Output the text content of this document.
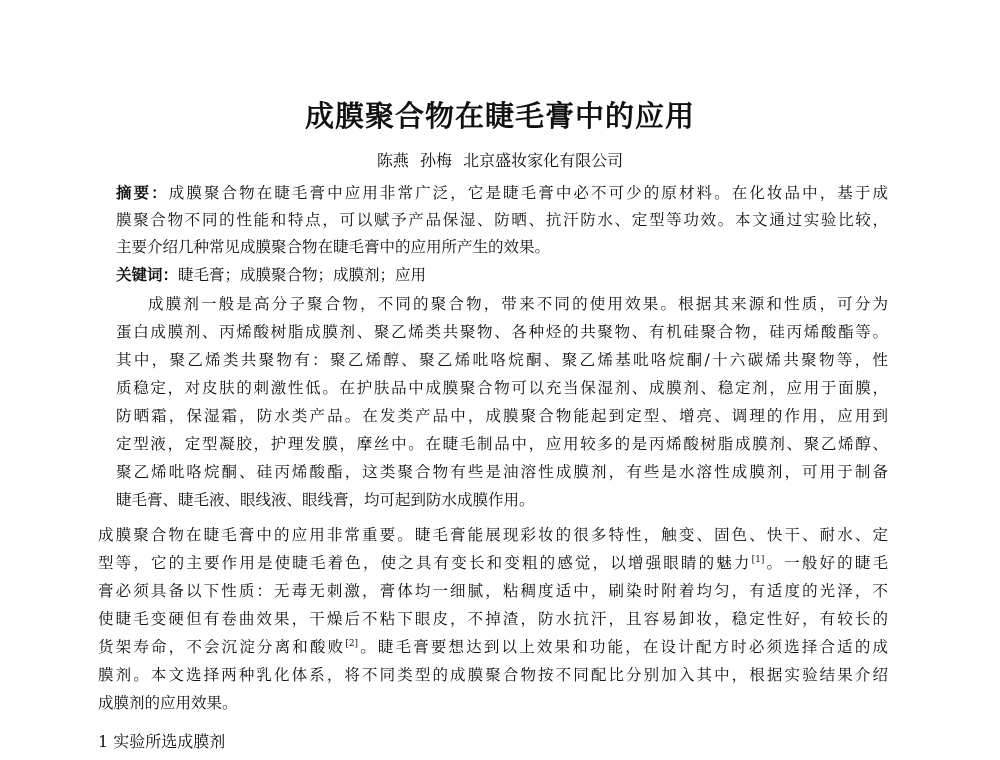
成膜聚合物在睫毛膏中的应用
陈燕 孙梅 北京盛妆家化有限公司
摘要：成膜聚合物在睫毛膏中应用非常广泛，它是睫毛膏中必不可少的原材料。在化妆品中，基于成
膜聚合物不同的性能和特点，可以赋予产品保湿、防晒、抗汗防水、定型等功效。本文通过实验比较，
主要介绍几种常见成膜聚合物在睫毛膏中的应用所产生的效果。
关键词：睫毛膏；成膜聚合物；成膜剂；应用
成膜剂一般是高分子聚合物，不同的聚合物，带来不同的使用效果。根据其来源和性质，可分为
蛋白成膜剂、丙烯酸树脂成膜剂、聚乙烯类共聚物、各种烃的共聚物、有机硅聚合物，硅丙烯酸酯等。
其中，聚乙烯类共聚物有：聚乙烯醇、聚乙烯吡咯烷酮、聚乙烯基吡咯烷酮/十六碳烯共聚物等，性
质稳定，对皮肤的刺激性低。在护肤品中成膜聚合物可以充当保湿剂、成膜剂、稳定剂，应用于面膜，
防晒霜，保湿霜，防水类产品。在发类产品中，成膜聚合物能起到定型、增亮、调理的作用，应用到
定型液，定型凝胶，护理发膜，摩丝中。在睫毛制品中，应用较多的是丙烯酸树脂成膜剂、聚乙烯醇、
聚乙烯吡咯烷酮、硅丙烯酸酯，这类聚合物有些是油溶性成膜剂，有些是水溶性成膜剂，可用于制备
睫毛膏、睫毛液、眼线液、眼线膏，均可起到防水成膜作用。
成膜聚合物在睫毛膏中的应用非常重要。睫毛膏能展现彩妆的很多特性，触变、固色、快干、耐水、定
型等，它的主要作用是使睫毛着色，使之具有变长和变粗的感觉，以增强眼睛的魅力[1]。一般好的睫毛
膏必须具备以下性质：无毒无刺激，膏体均一细腻，粘稠度适中，刷染时附着均匀，有适度的光泽，不
使睫毛变硬但有卷曲效果，干燥后不粘下眼皮，不掉渣，防水抗汗，且容易卸妆，稳定性好，有较长的
货架寿命，不会沉淀分离和酸败[2]。睫毛膏要想达到以上效果和功能，在设计配方时必须选择合适的成
膜剂。本文选择两种乳化体系，将不同类型的成膜聚合物按不同配比分别加入其中，根据实验结果介绍
成膜剂的应用效果。
1 实验所选成膜剂
